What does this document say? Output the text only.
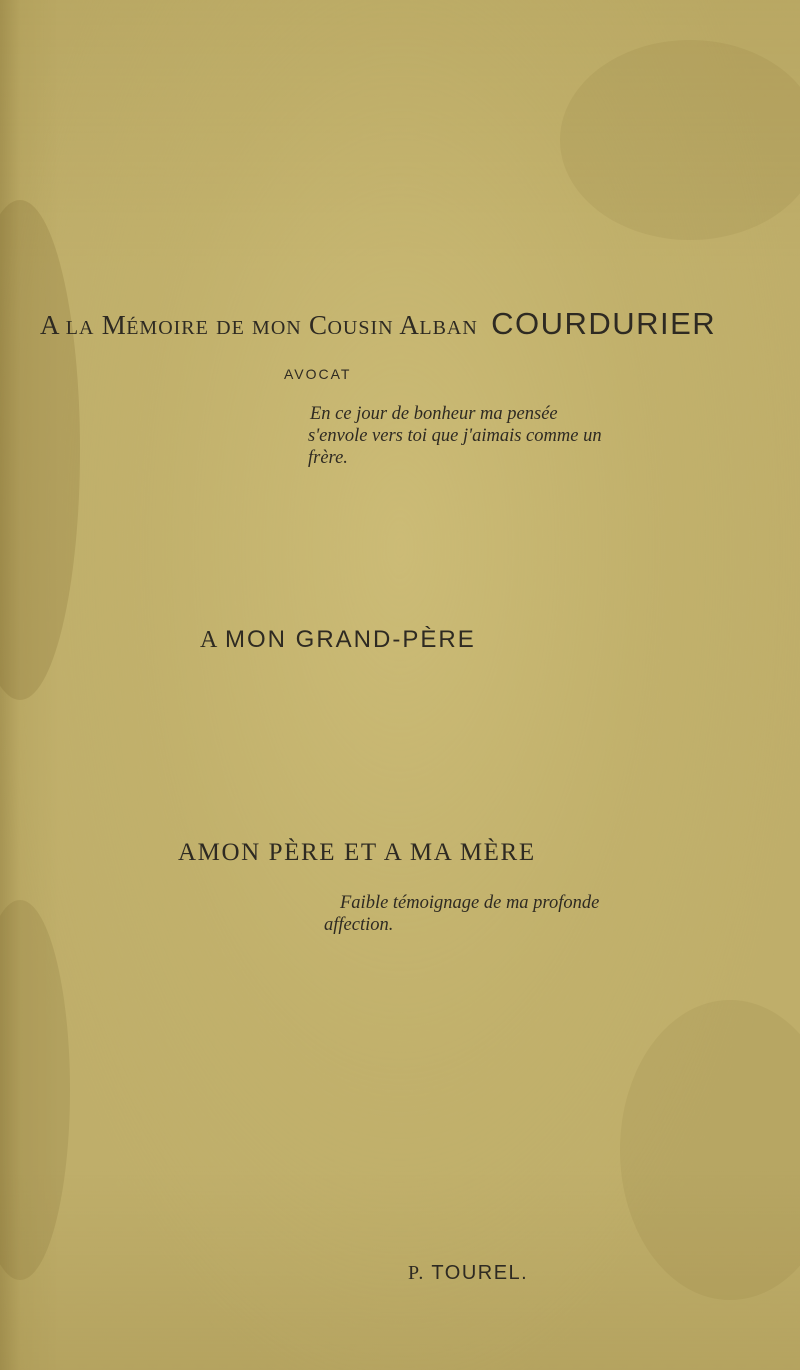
A LA MÉMOIRE DE MON COUSIN ALBAN COURDURIER
AVOCAT
En ce jour de bonheur ma pensée
s'envole vers toi que j'aimais comme un
frère.
A MON GRAND-PÈRE
AMON PÈRE ET A MA MÈRE
Faible témoignage de ma profonde
affection.
P. TOUREL.
